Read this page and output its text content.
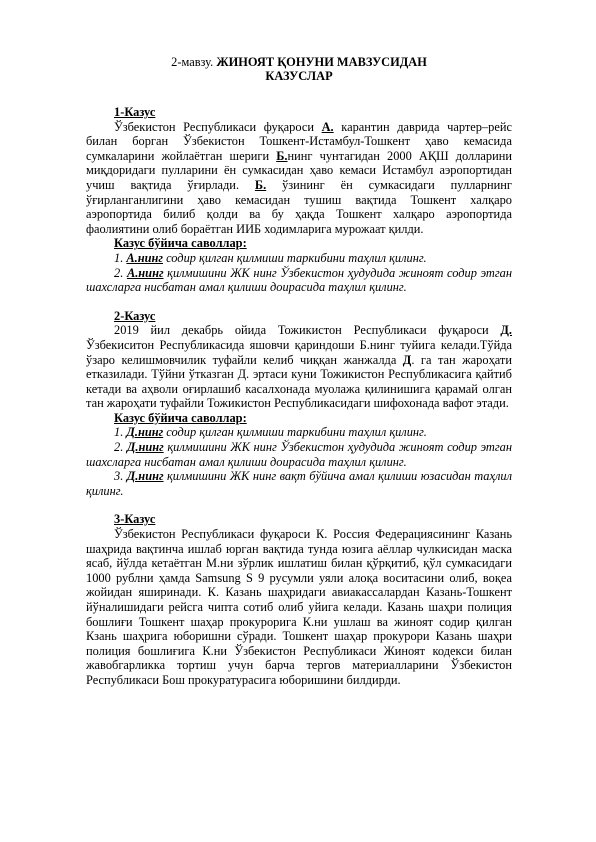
2-мавзу. ЖИНОЯТ ҚОНУНИ МАВЗУСИДАН
КАЗУСЛАР
1-Казус

Ўзбекистон Республикаси фуқароси А. карантин даврида чартер–рейс билан борган Ўзбекистон Тошкент-Истамбул-Тошкент ҳаво кемасида сумкаларини жойлаётган шериги Б.нинг чунтагидан 2000 АҚШ долларини миқдоридаги пулларини ён сумкасидан ҳаво кемаси Истамбул аэропортидан учиш вақтида ўғирлади. Б. ўзининг ён сумкасидаги пулларнинг ўғирланганлигини ҳаво кемасидан тушиш вақтида Тошкент халқаро аэропортида билиб қолди ва бу ҳақда Тошкент халқаро аэропортида фаолиятини олиб бораётган ИИБ ходимларига мурожаат қилди.

Казус бўйича саволлар:

1. А.нинг содир қилган қилмиши таркибини таҳлил қилинг.

2. А.нинг қилмишини ЖК нинг Ўзбекистон ҳудудида жиноят содир этган шахсларга нисбатан амал қилиши доирасида таҳлил қилинг.

2-Казус

2019 йил декабрь ойида Тожикистон Республикаси фуқароси Д. Ўзбекиситон Республикасида яшовчи қариндоши Б.нинг туйига келади.Тўйда ўзаро келишмовчилик туфайли келиб чиққан жанжалда Д. га тан жароҳати етказилади. Тўйни ўтказган Д. эртаси куни Тожикистон Республикасига қайтиб кетади ва аҳволи оғирлашиб касалхонада муолажа қилинишига қарамай олган тан жароҳати туфайли Тожикистон Республикасидаги шифохонада вафот этади.

Казус бўйича саволлар:

1. Д.нинг содир қилган қилмиши таркибини таҳлил қилинг.

2. Д.нинг қилмишини ЖК нинг Ўзбекистон ҳудудида жиноят содир этган шахсларга нисбатан амал қилиши доирасида таҳлил қилинг.

3. Д.нинг қилмишини ЖК нинг вақт бўйича амал қилиши юзасидан таҳлил қилинг.

3-Казус

Ўзбекистон Республикаси фуқароси К. Россия Федерациясининг Казань шаҳрида вақтинча ишлаб юрган вақтида тунда юзига аёллар чулкисидан маска ясаб, йўлда кетаётган М.ни зўрлик ишлатиш билан қўрқитиб, қўл сумкасидаги 1000 рублни ҳамда Samsung S 9 русумли уяли алоқа воситасини олиб, воқеа жойидан яширинади. К. Казань шаҳридаги авиакассалардан Казань-Тошкент йўналишидаги рейсга чипта сотиб олиб уйига келади. Казань шаҳри полиция бошлиғи Тошкент шаҳар прокурорига К.ни ушлаш ва жиноят содир қилган Кзань шаҳрига юборишни сўради. Тошкент шаҳар прокурори Казань шаҳри полиция бошлиғига К.ни Ўзбекистон Республикаси Жиноят кодекси билан жавобгарликка тортиш учун барча тергов материалларини Ўзбекистон Республикаси Бош прокуратурасига юборишини билдирди.
